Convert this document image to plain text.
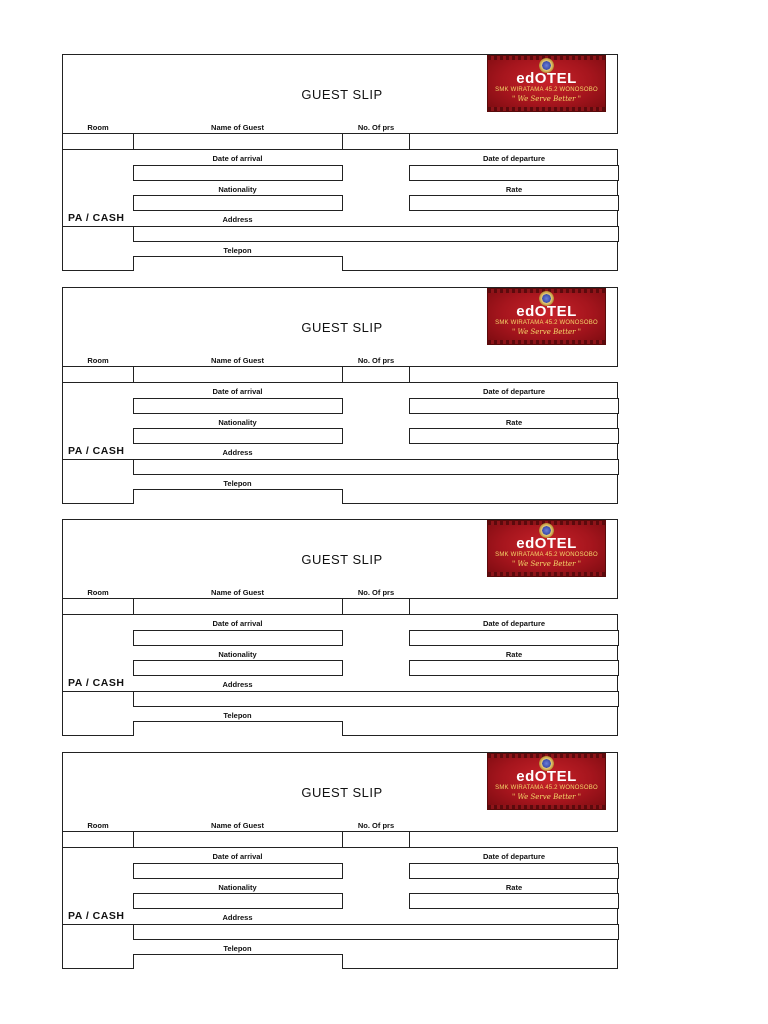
edOTEL
SMK WIRATAMA 45.2 WONOSOBO
" We Serve Better "
GUEST SLIP
Room	Name of Guest	No. Of prs
Date of arrival	Date of departure
Nationality	Rate
PA / CASH	Address
Telepon
edOTEL
SMK WIRATAMA 45.2 WONOSOBO
" We Serve Better "
GUEST SLIP
Room	Name of Guest	No. Of prs
Date of arrival	Date of departure
Nationality	Rate
PA / CASH	Address
Telepon
edOTEL
SMK WIRATAMA 45.2 WONOSOBO
" We Serve Better "
GUEST SLIP
Room	Name of Guest	No. Of prs
Date of arrival	Date of departure
Nationality	Rate
PA / CASH	Address
Telepon
edOTEL
SMK WIRATAMA 45.2 WONOSOBO
" We Serve Better "
GUEST SLIP
Room	Name of Guest	No. Of prs
Date of arrival	Date of departure
Nationality	Rate
PA / CASH	Address
Telepon
